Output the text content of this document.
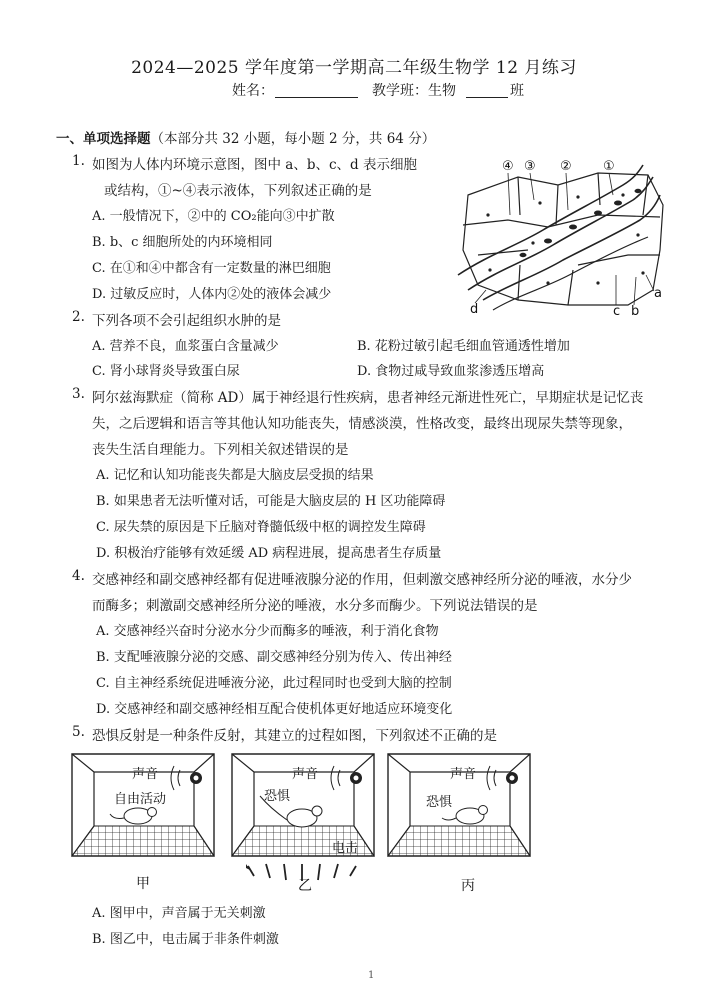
2024—2025 学年度第一学期高二年级生物学 12 月练习
姓名：	教学班：生物	班
一、单项选择题（本部分共 32 小题，每小题 2 分，共 64 分）
1. 如图为人体内环境示意图，图中 a、b、c、d 表示细胞
或结构，①~④表示液体，下列叙述正确的是
A. 一般情况下，②中的 CO₂能向③中扩散
B. b、c 细胞所处的内环境相同
C. 在①和④中都含有一定数量的淋巴细胞
D. 过敏反应时，人体内②处的液体会减少
④ ③ ② ①
d	c b
a
2. 下列各项不会引起组织水肿的是
A. 营养不良，血浆蛋白含量减少	B. 花粉过敏引起毛细血管通透性增加
C. 肾小球肾炎导致蛋白尿	D. 食物过咸导致血浆渗透压增高
3. 阿尔兹海默症（简称 AD）属于神经退行性疾病，患者神经元渐进性死亡，早期症状是记忆丧
失，之后逻辑和语言等其他认知功能丧失，情感淡漠，性格改变，最终出现尿失禁等现象，
丧失生活自理能力。下列相关叙述错误的是
A. 记忆和认知功能丧失都是大脑皮层受损的结果
B. 如果患者无法听懂对话，可能是大脑皮层的 H 区功能障碍
C. 尿失禁的原因是下丘脑对脊髓低级中枢的调控发生障碍
D. 积极治疗能够有效延缓 AD 病程进展，提高患者生存质量
4. 交感神经和副交感神经都有促进唾液腺分泌的作用，但刺激交感神经所分泌的唾液，水分少
而酶多；刺激副交感神经所分泌的唾液，水分多而酶少。下列说法错误的是
A. 交感神经兴奋时分泌水分少而酶多的唾液，利于消化食物
B. 支配唾液腺分泌的交感、副交感神经分别为传入、传出神经
C. 自主神经系统促进唾液分泌，此过程同时也受到大脑的控制
D. 交感神经和副交感神经相互配合使机体更好地适应环境变化
5. 恐惧反射是一种条件反射，其建立的过程如图，下列叙述不正确的是
声音
自由活动
声音
恐惧
电击
声音
恐惧
甲	乙	丙
A. 图甲中，声音属于无关刺激
B. 图乙中，电击属于非条件刺激
1
